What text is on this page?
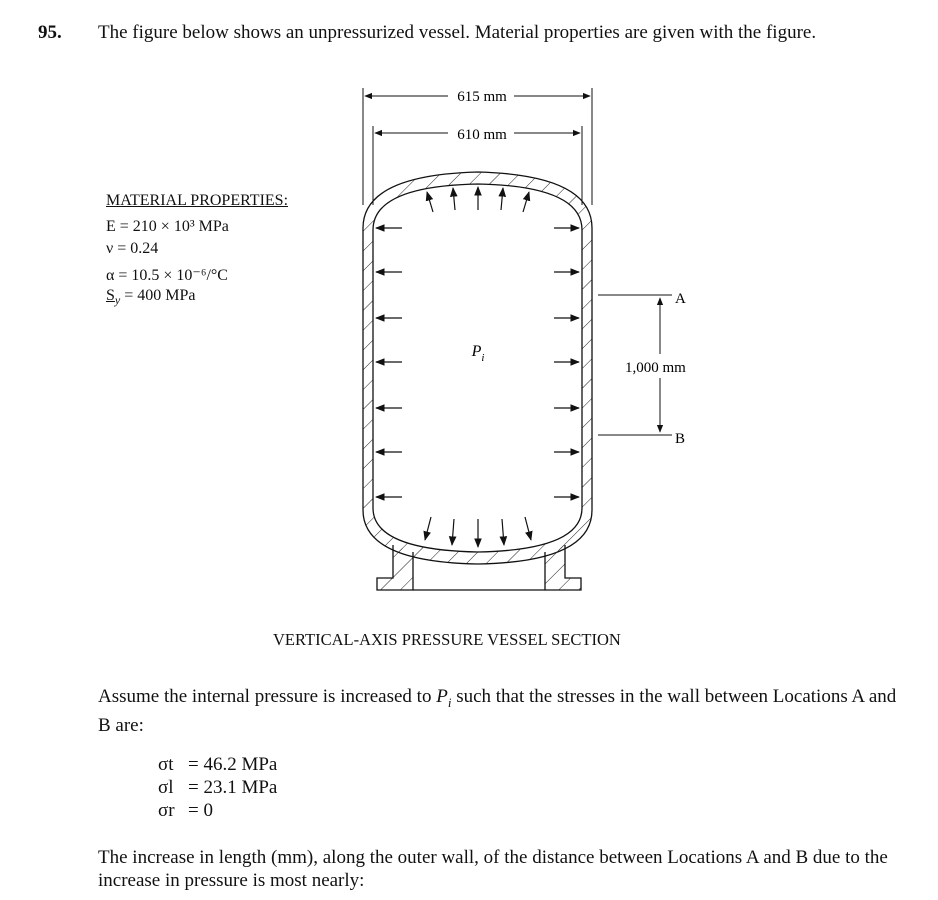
95. The figure below shows an unpressurized vessel. Material properties are given with the figure.
MATERIAL PROPERTIES:
E = 210 × 10³ MPa
ν = 0.24
α = 10.5 × 10⁻⁶/°C
$S_y = 400$ MPa
615 mm
610 mm
$P_i$
A
B
1,000 mm
VERTICAL-AXIS PRESSURE VESSEL SECTION
Assume the internal pressure is increased to $P_i$ such that the stresses in the wall between Locations A and B are:
σt = 46.2 MPa
σl = 23.1 MPa
σr = 0
The increase in length (mm), along the outer wall, of the distance between Locations A and B due to the increase in pressure is most nearly:
